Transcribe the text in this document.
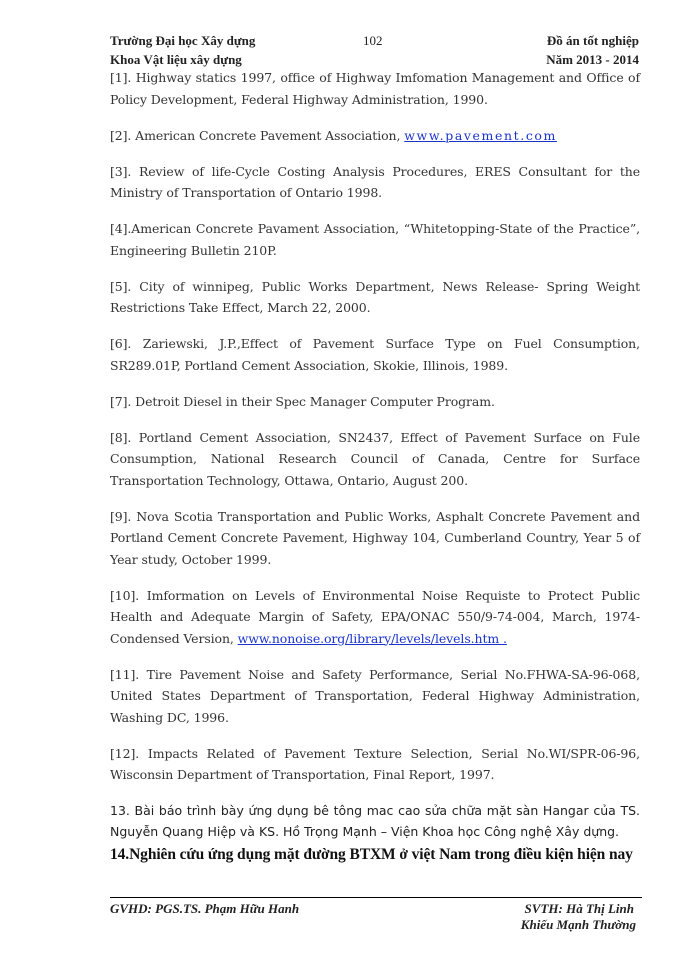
Trường Đại học Xây dựng
Khoa Vật liệu xây dựng
102	Đồ án tốt nghiệp
Năm 2013 - 2014

[1]. Highway statics 1997, office of Highway Imfomation Management and Office of Policy Development, Federal Highway Administration, 1990.

[2]. American Concrete Pavement Association, www.pavement.com

[3]. Review of life-Cycle Costing Analysis Procedures, ERES Consultant for the Ministry of Transportation of Ontario 1998.

[4].American Concrete Pavament Association, “Whitetopping-State of the Practice”, Engineering Bulletin 210P.

[5]. City of winnipeg, Public Works Department, News Release- Spring Weight Restrictions Take Effect, March 22, 2000.

[6]. Zariewski, J.P.,Effect of Pavement Surface Type on Fuel Consumption, SR289.01P, Portland Cement Association, Skokie, Illinois, 1989.

[7]. Detroit Diesel in their Spec Manager Computer Program.

[8]. Portland Cement Association, SN2437, Effect of Pavement Surface on Fule Consumption, National Research Council of Canada, Centre for Surface Transportation Technology, Ottawa, Ontario, August 200.

[9]. Nova Scotia Transportation and Public Works, Asphalt Concrete Pavement and Portland Cement Concrete Pavement, Highway 104, Cumberland Country, Year 5 of Year study, October 1999.

[10]. Imformation on Levels of Environmental Noise Requiste to Protect Public Health and Adequate Margin of Safety, EPA/ONAC 550/9-74-004, March, 1974-Condensed Version, www.nonoise.org/library/levels/levels.htm .

[11]. Tire Pavement Noise and Safety Performance, Serial No.FHWA-SA-96-068, United States Department of Transportation, Federal Highway Administration, Washing DC, 1996.

[12]. Impacts Related of Pavement Texture Selection, Serial No.WI/SPR-06-96, Wisconsin Department of Transportation, Final Report, 1997.

13. Bài báo trình bày ứng dụng bê tông mac cao sửa chữa mặt sàn Hangar của TS. Nguyễn Quang Hiệp và KS. Hồ Trọng Mạnh – Viện Khoa học Công nghệ Xây dựng.

14.Nghiên cứu ứng dụng mặt đường BTXM ở việt Nam trong điều kiện hiện nay

GVHD: PGS.TS. Phạm Hữu Hanh	SVTH: Hà Thị Linh
Khiếu Mạnh Thường
